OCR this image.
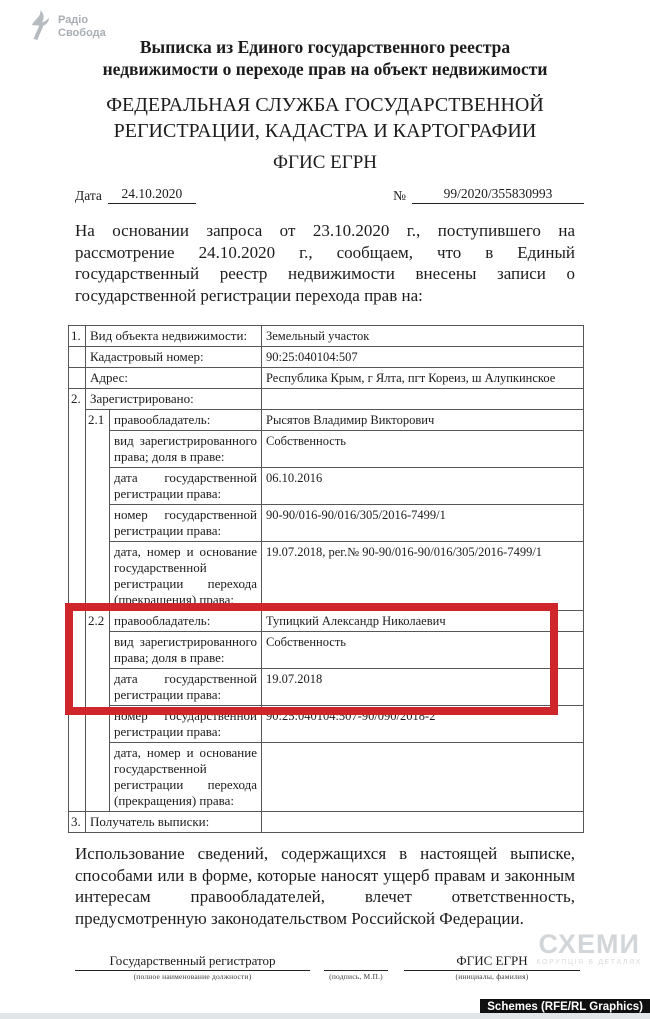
Радіо
Свобода
Выписка из Единого государственного реестра
недвижимости о переходе прав на объект недвижимости
ФЕДЕРАЛЬНАЯ СЛУЖБА ГОСУДАРСТВЕННОЙ
РЕГИСТРАЦИИ, КАДАСТРА И КАРТОГРАФИИ
ФГИС ЕГРН
Дата	24.10.2020	№	99/2020/355830993
На основании запроса от 23.10.2020 г., поступившего на рассмотрение 24.10.2020 г., сообщаем, что в Единый государственный реестр недвижимости внесены записи о государственной регистрации перехода прав на:
1.	Вид объекта недвижимости:		Земельный участок
	Кадастровый номер:		90:25:040104:507
	Адрес:		Республика Крым, г Ялта, пгт Кореиз, ш Алупкинское
2.	Зарегистрировано:		
	2.1	правообладатель:	Рысятов Владимир Викторович
		вид зарегистрированного права; доля в праве:	Собственность
		дата государственной регистрации права:	06.10.2016
		номер государственной регистрации права:	90-90/016-90/016/305/2016-7499/1
		дата, номер и основание государственной регистрации перехода (прекращения) права:	19.07.2018, рег.№ 90-90/016-90/016/305/2016-7499/1
	2.2	правообладатель:	Тупицкий Александр Николаевич
		вид зарегистрированного права; доля в праве:	Собственность
		дата государственной регистрации права:	19.07.2018
		номер государственной регистрации права:	90:25:040104:507-90/090/2018-2
		дата, номер и основание государственной регистрации перехода (прекращения) права:	
3.	Получатель выписки:		
Использование сведений, содержащихся в настоящей выписке, способами или в форме, которые наносят ущерб правам и законным интересам правообладателей, влечет ответственность, предусмотренную законодательством Российской Федерации.
Государственный регистратор
(полное наименование должности)
	(подпись, М.П.)
ФГИС ЕГРН
(инициалы, фамилия)
СХЕМИ
КОРУПЦІЯ В ДЕТАЛЯХ
Schemes (RFE/RL Graphics)
